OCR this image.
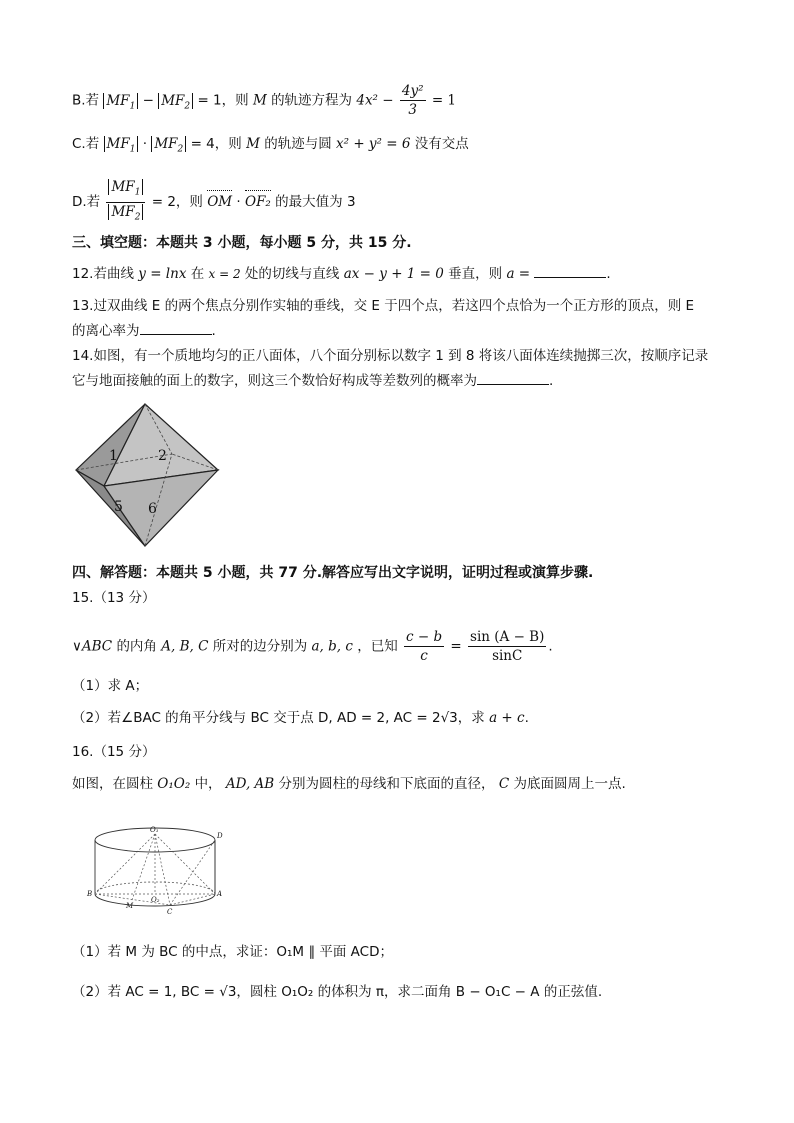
B.若 $MF_1 - MF_2 = 1$，则 M 的轨迹方程为 $4x^2 - \frac{\text{4y²}}{3} = 1$
C.若 $MF_1 \cdot MF_2 = 4$，则 M 的轨迹与圆 x² + y² = 6 没有交点
D.若 $\frac{MF_1}{MF_2} = 2$，则 OM · OF₂ 的最大值为 3
三、填空题：本题共 3 小题，每小题 5 分，共 15 分.
12.若曲线 y = lnx 在 x = 2 处的切线与直线 ax − y + 1 = 0 垂直，则 a =	.
13.过双曲线 E 的两个焦点分别作实轴的垂线，交 E 于四个点，若这四个点恰为一个正方形的顶点，则 E
的离心率为	.
14.如图，有一个质地均匀的正八面体，八个面分别标以数字 1 到 8 将该八面体连续抛掷三次，按顺序记录
它与地面接触的面上的数字，则这三个数恰好构成等差数列的概率为	.
1	2
5 6
四、解答题：本题共 5 小题，共 77 分.解答应写出文字说明，证明过程或演算步骤.
15.（13 分）
∨ABC 的内角 A, B, C 所对的边分别为 a, b, c ，已知 $\frac{c - b}{c} = \frac{\sin (A - B)}{\sin C}$ .
（1）求 A；
（2）若∠BAC 的角平分线与 BC 交于点 D, AD = 2, AC = 2√3，求 a + c.
16.（15 分）
如图，在圆柱 O₁O₂ 中， AD, AB 分别为圆柱的母线和下底面的直径， C 为底面圆周上一点.
O₁
D
B	A
O₂
M
C
（1）若 M 为 BC 的中点，求证：O₁M ∥ 平面 ACD；
（2）若 AC = 1, BC = √3，圆柱 O₁O₂ 的体积为 π，求二面角 B − O₁C − A 的正弦值.
